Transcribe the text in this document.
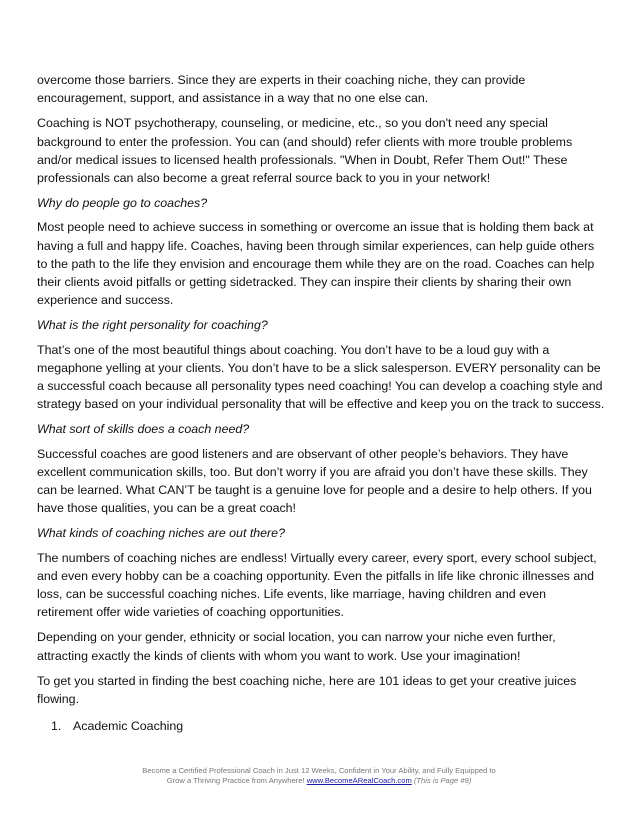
overcome those barriers. Since they are experts in their coaching niche, they can provide encouragement, support, and assistance in a way that no one else can.

Coaching is NOT psychotherapy, counseling, or medicine, etc., so you don't need any special background to enter the profession. You can (and should) refer clients with more trouble problems and/or medical issues to licensed health professionals. "When in Doubt, Refer Them Out!" These professionals can also become a great referral source back to you in your network!

Why do people go to coaches?

Most people need to achieve success in something or overcome an issue that is holding them back at having a full and happy life. Coaches, having been through similar experiences, can help guide others to the path to the life they envision and encourage them while they are on the road. Coaches can help their clients avoid pitfalls or getting sidetracked. They can inspire their clients by sharing their own experience and success.

What is the right personality for coaching?

That’s one of the most beautiful things about coaching. You don’t have to be a loud guy with a megaphone yelling at your clients. You don’t have to be a slick salesperson. EVERY personality can be a successful coach because all personality types need coaching! You can develop a coaching style and strategy based on your individual personality that will be effective and keep you on the track to success.

What sort of skills does a coach need?

Successful coaches are good listeners and are observant of other people’s behaviors. They have excellent communication skills, too. But don’t worry if you are afraid you don’t have these skills. They can be learned. What CAN’T be taught is a genuine love for people and a desire to help others. If you have those qualities, you can be a great coach!

What kinds of coaching niches are out there?

The numbers of coaching niches are endless! Virtually every career, every sport, every school subject, and even every hobby can be a coaching opportunity. Even the pitfalls in life like chronic illnesses and loss, can be successful coaching niches. Life events, like marriage, having children and even retirement offer wide varieties of coaching opportunities.

Depending on your gender, ethnicity or social location, you can narrow your niche even further, attracting exactly the kinds of clients with whom you want to work. Use your imagination!

To get you started in finding the best coaching niche, here are 101 ideas to get your creative juices flowing.

1. Academic Coaching
Become a Certified Professional Coach in Just 12 Weeks, Confident in Your Ability, and Fully Equipped to
Grow a Thriving Practice from Anywhere! www.BecomeARealCoach.com (This is Page #9)
